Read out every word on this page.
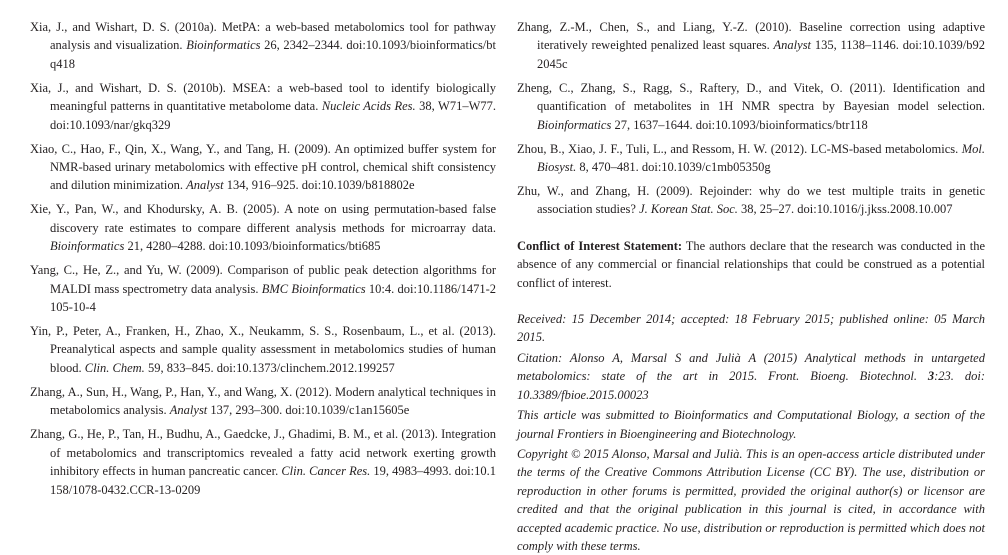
Xia, J., and Wishart, D. S. (2010a). MetPA: a web-based metabolomics tool for pathway analysis and visualization. Bioinformatics 26, 2342–2344. doi:10.1093/bioinformatics/btq418

Xia, J., and Wishart, D. S. (2010b). MSEA: a web-based tool to identify biologically meaningful patterns in quantitative metabolome data. Nucleic Acids Res. 38, W71–W77. doi:10.1093/nar/gkq329

Xiao, C., Hao, F., Qin, X., Wang, Y., and Tang, H. (2009). An optimized buffer system for NMR-based urinary metabolomics with effective pH control, chemical shift consistency and dilution minimization. Analyst 134, 916–925. doi:10.1039/b818802e

Xie, Y., Pan, W., and Khodursky, A. B. (2005). A note on using permutation-based false discovery rate estimates to compare different analysis methods for microarray data. Bioinformatics 21, 4280–4288. doi:10.1093/bioinformatics/bti685

Yang, C., He, Z., and Yu, W. (2009). Comparison of public peak detection algorithms for MALDI mass spectrometry data analysis. BMC Bioinformatics 10:4. doi:10.1186/1471-2105-10-4

Yin, P., Peter, A., Franken, H., Zhao, X., Neukamm, S. S., Rosenbaum, L., et al. (2013). Preanalytical aspects and sample quality assessment in metabolomics studies of human blood. Clin. Chem. 59, 833–845. doi:10.1373/clinchem.2012.199257

Zhang, A., Sun, H., Wang, P., Han, Y., and Wang, X. (2012). Modern analytical techniques in metabolomics analysis. Analyst 137, 293–300. doi:10.1039/c1an15605e

Zhang, G., He, P., Tan, H., Budhu, A., Gaedcke, J., Ghadimi, B. M., et al. (2013). Integration of metabolomics and transcriptomics revealed a fatty acid network exerting growth inhibitory effects in human pancreatic cancer. Clin. Cancer Res. 19, 4983–4993. doi:10.1158/1078-0432.CCR-13-0209

Zhang, Z.-M., Chen, S., and Liang, Y.-Z. (2010). Baseline correction using adaptive iteratively reweighted penalized least squares. Analyst 135, 1138–1146. doi:10.1039/b922045c

Zheng, C., Zhang, S., Ragg, S., Raftery, D., and Vitek, O. (2011). Identification and quantification of metabolites in 1H NMR spectra by Bayesian model selection. Bioinformatics 27, 1637–1644. doi:10.1093/bioinformatics/btr118

Zhou, B., Xiao, J. F., Tuli, L., and Ressom, H. W. (2012). LC-MS-based metabolomics. Mol. Biosyst. 8, 470–481. doi:10.1039/c1mb05350g

Zhu, W., and Zhang, H. (2009). Rejoinder: why do we test multiple traits in genetic association studies? J. Korean Stat. Soc. 38, 25–27. doi:10.1016/j.jkss.2008.10.007

Conflict of Interest Statement: The authors declare that the research was conducted in the absence of any commercial or financial relationships that could be construed as a potential conflict of interest.

Received: 15 December 2014; accepted: 18 February 2015; published online: 05 March 2015.

Citation: Alonso A, Marsal S and Julià A (2015) Analytical methods in untargeted metabolomics: state of the art in 2015. Front. Bioeng. Biotechnol. 3:23. doi: 10.3389/fbioe.2015.00023

This article was submitted to Bioinformatics and Computational Biology, a section of the journal Frontiers in Bioengineering and Biotechnology.

Copyright © 2015 Alonso, Marsal and Julià. This is an open-access article distributed under the terms of the Creative Commons Attribution License (CC BY). The use, distribution or reproduction in other forums is permitted, provided the original author(s) or licensor are credited and that the original publication in this journal is cited, in accordance with accepted academic practice. No use, distribution or reproduction is permitted which does not comply with these terms.
